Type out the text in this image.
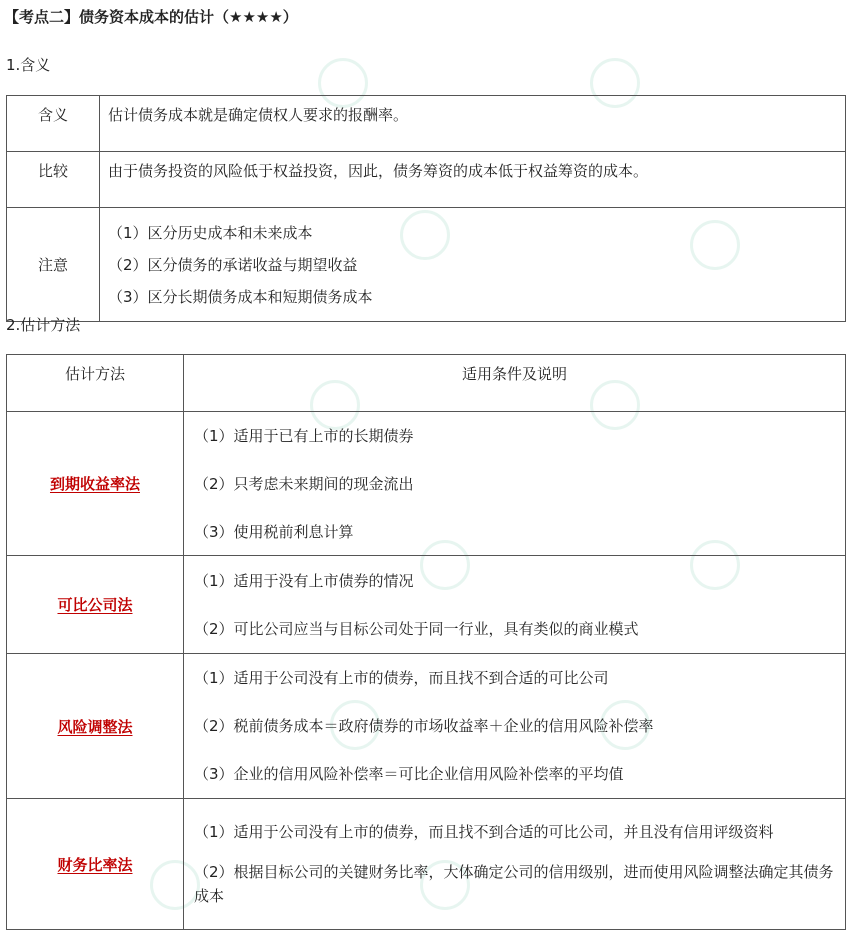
【考点二】债务资本成本的估计（★★★★）
1.含义
含义	估计债务成本就是确定债权人要求的报酬率。
比较	由于债务投资的风险低于权益投资，因此，债务筹资的成本低于权益筹资的成本。
注意	（1）区分历史成本和未来成本
（2）区分债务的承诺收益与期望收益
（3）区分长期债务成本和短期债务成本
2.估计方法
估计方法	适用条件及说明
到期收益率法	（1）适用于已有上市的长期债券
（2）只考虑未来期间的现金流出
（3）使用税前利息计算

可比公司法	（1）适用于没有上市债券的情况
（2）可比公司应当与目标公司处于同一行业，具有类似的商业模式

风险调整法	（1）适用于公司没有上市的债券，而且找不到合适的可比公司
（2）税前债务成本＝政府债券的市场收益率＋企业的信用风险补偿率
（3）企业的信用风险补偿率＝可比企业信用风险补偿率的平均值

财务比率法	（1）适用于公司没有上市的债券，而且找不到合适的可比公司，并且没有信用评级资料
（2）根据目标公司的关键财务比率，大体确定公司的信用级别，进而使用风险调整法确定其债务成本
